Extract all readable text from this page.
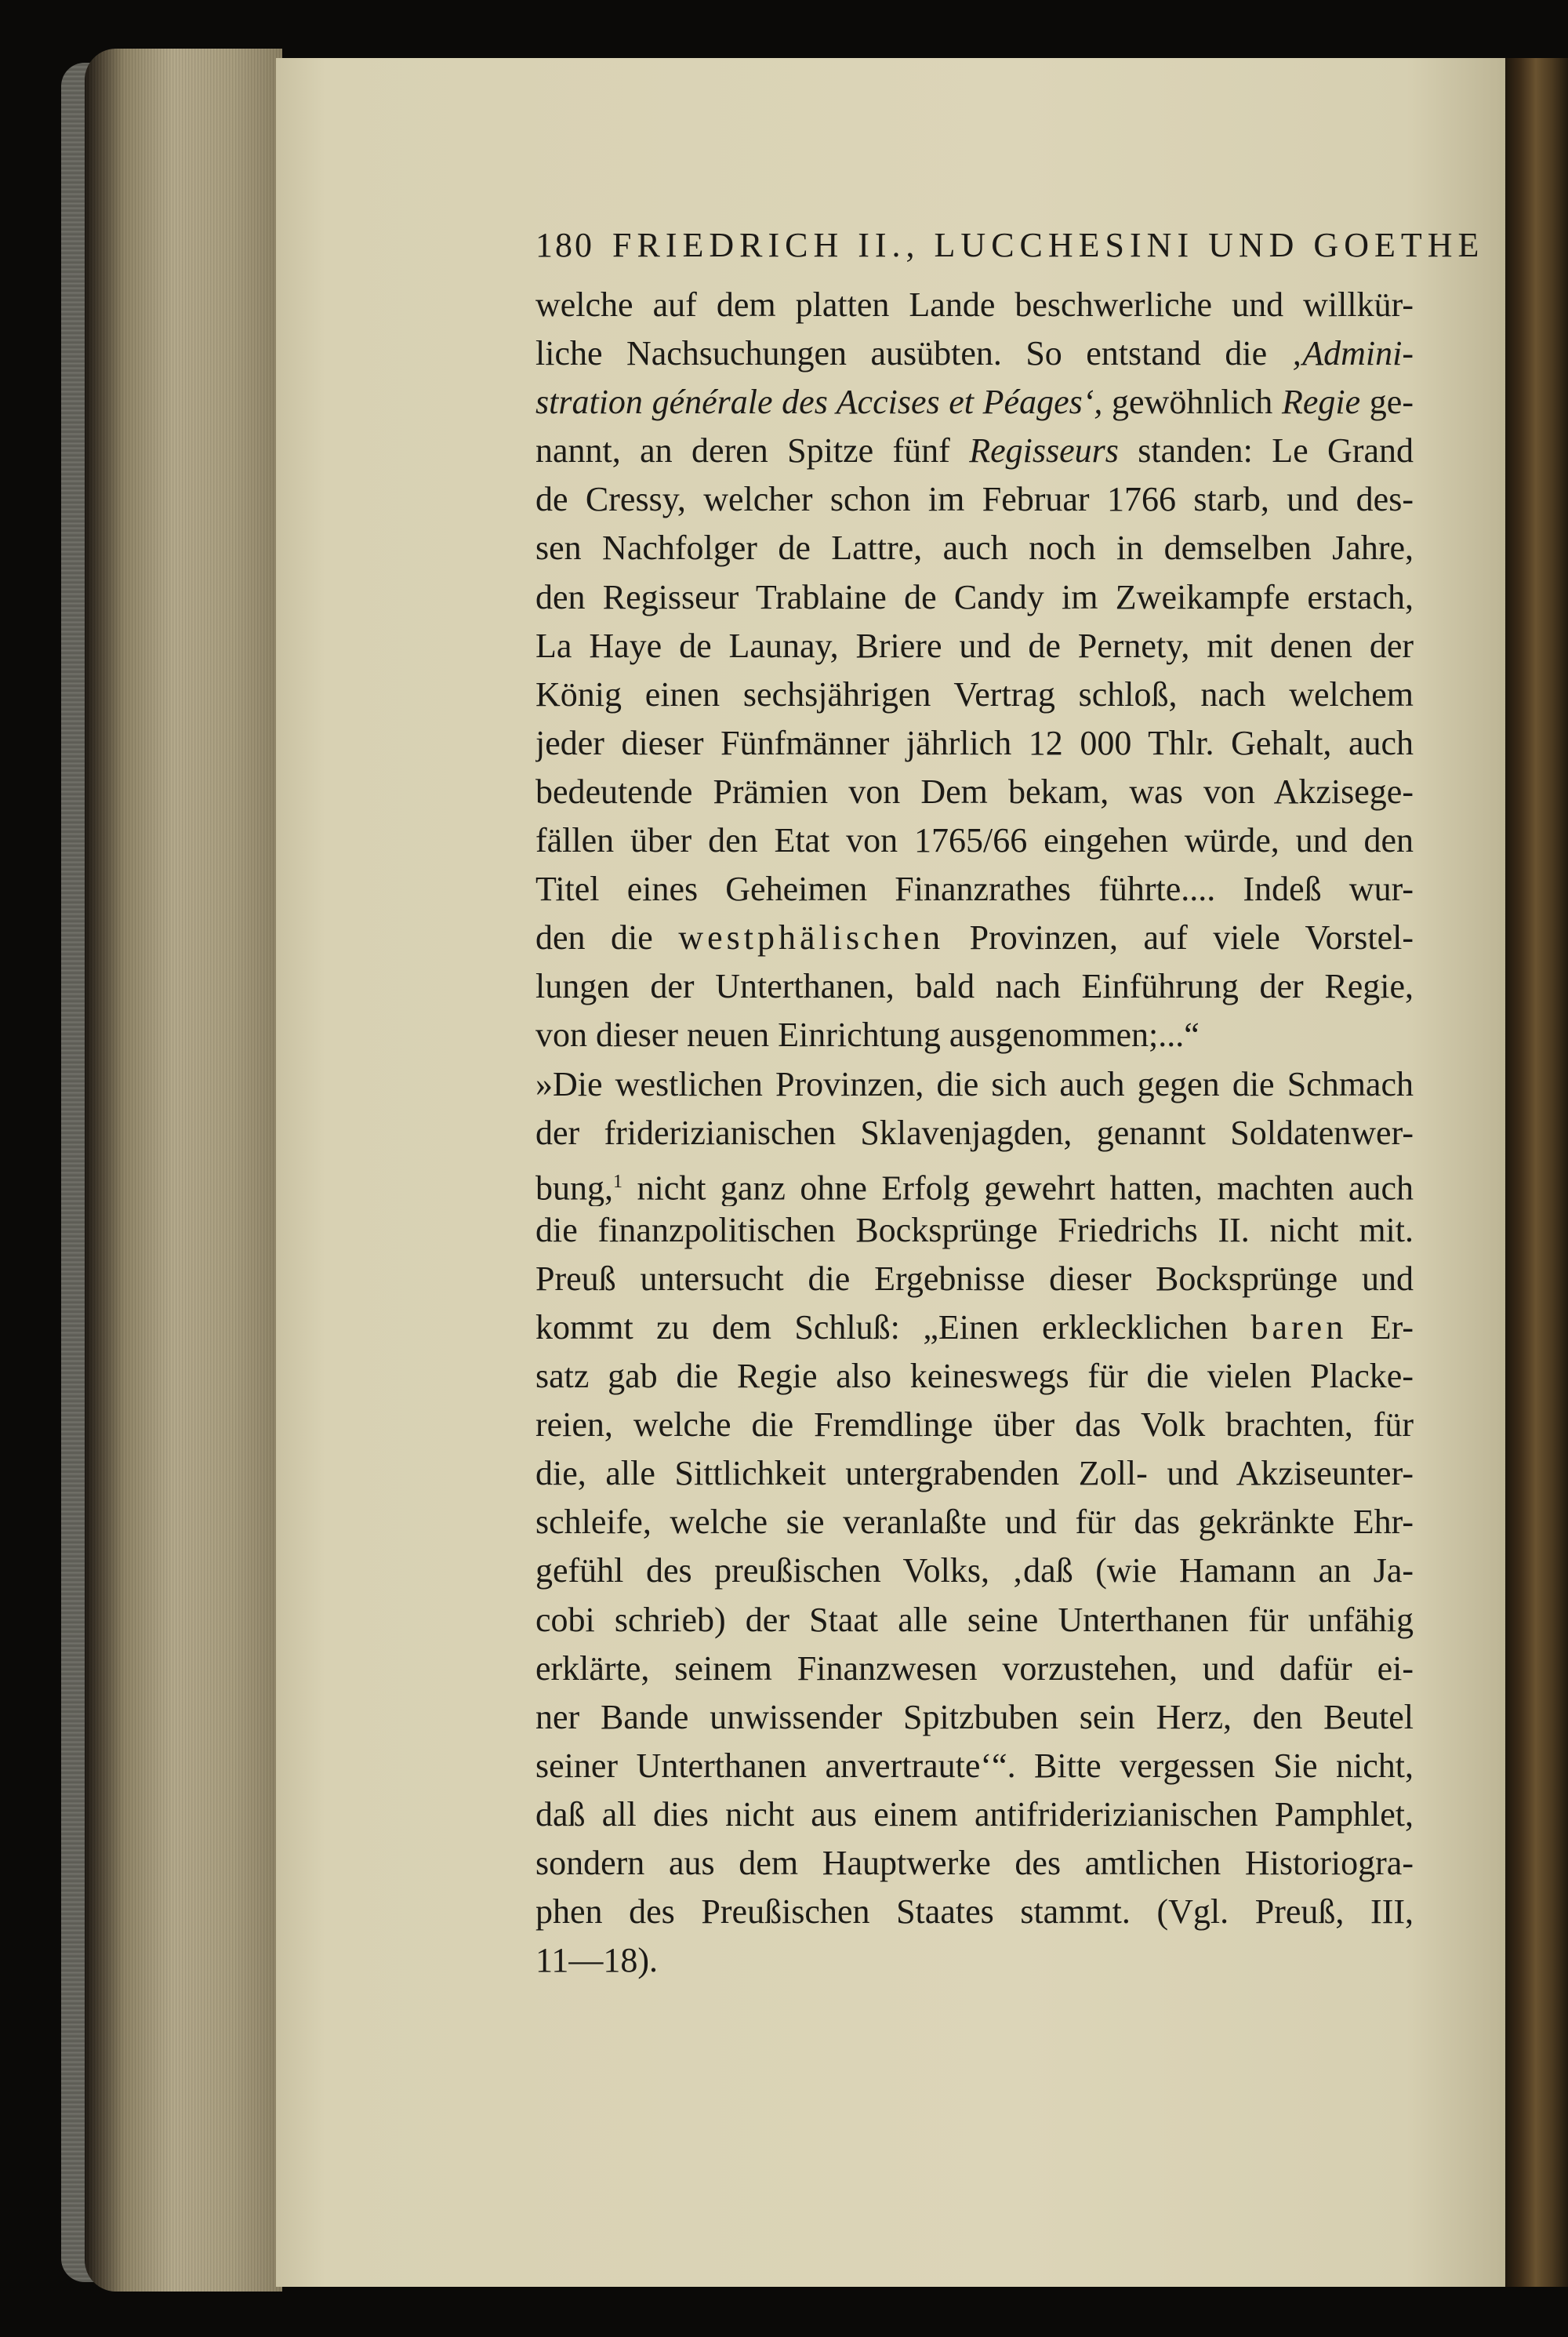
180 FRIEDRICH II., LUCCHESINI UND GOETHE
welche auf dem platten Lande beschwerliche und willkür-
liche Nachsuchungen ausübten. So entstand die ‚Admini-
stration générale des Accises et Péages‘, gewöhnlich Regie ge-
nannt, an deren Spitze fünf Regisseurs standen: Le Grand
de Cressy, welcher schon im Februar 1766 starb, und des-
sen Nachfolger de Lattre, auch noch in demselben Jahre,
den Regisseur Trablaine de Candy im Zweikampfe erstach,
La Haye de Launay, Briere und de Pernety, mit denen der
König einen sechsjährigen Vertrag schloß, nach welchem
jeder dieser Fünfmänner jährlich 12 000 Thlr. Gehalt, auch
bedeutende Prämien von Dem bekam, was von Akzisege-
fällen über den Etat von 1765/66 eingehen würde, und den
Titel eines Geheimen Finanzrathes führte.... Indeß wur-
den die westphälischen Provinzen, auf viele Vorstel-
lungen der Unterthanen, bald nach Einführung der Regie,
von dieser neuen Einrichtung ausgenommen;...“
»Die westlichen Provinzen, die sich auch gegen die Schmach
der friderizianischen Sklavenjagden, genannt Soldatenwer-
bung,$^1$ nicht ganz ohne Erfolg gewehrt hatten, machten auch
die finanzpolitischen Bocksprünge Friedrichs II. nicht mit.
Preuß untersucht die Ergebnisse dieser Bocksprünge und
kommt zu dem Schluß: „Einen erklecklichen baren Er-
satz gab die Regie also keineswegs für die vielen Placke-
reien, welche die Fremdlinge über das Volk brachten, für
die, alle Sittlichkeit untergrabenden Zoll- und Akziseunter-
schleife, welche sie veranlaßte und für das gekränkte Ehr-
gefühl des preußischen Volks, ‚daß (wie Hamann an Ja-
cobi schrieb) der Staat alle seine Unterthanen für unfähig
erklärte, seinem Finanzwesen vorzustehen, und dafür ei-
ner Bande unwissender Spitzbuben sein Herz, den Beutel
seiner Unterthanen anvertraute‘“. Bitte vergessen Sie nicht,
daß all dies nicht aus einem antifriderizianischen Pamphlet,
sondern aus dem Hauptwerke des amtlichen Historiogra-
phen des Preußischen Staates stammt. (Vgl. Preuß, III,
11—18).
